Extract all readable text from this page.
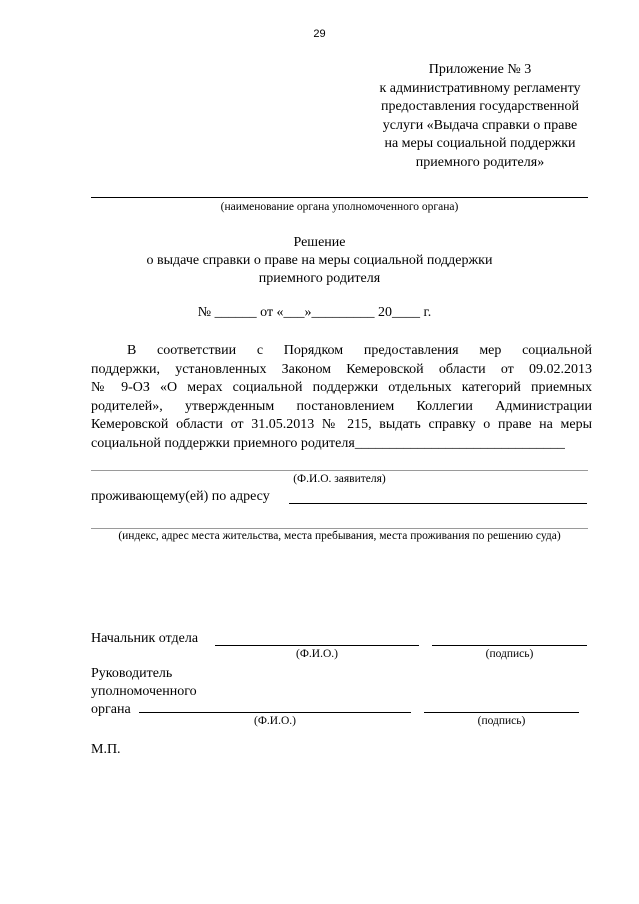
29
Приложение № 3
к административному регламенту
предоставления государственной
услуги «Выдача справки о праве
на меры социальной поддержки
приемного родителя»
(наименование органа уполномоченного органа)
Решение
о выдаче справки о праве на меры социальной поддержки
приемного родителя
№ ______ от «___»_________ 20____ г.
В соответствии с Порядком предоставления мер социальной
поддержки, установленных Законом Кемеровской области от 09.02.2013
№ 9-ОЗ «О мерах социальной поддержки отдельных категорий приемных
родителей», утвержденным постановлением Коллегии Администрации
Кемеровской области от 31.05.2013 № 215, выдать справку о праве на меры
социальной поддержки приемного родителя______________________________
(Ф.И.О. заявителя)
проживающему(ей) по адресу
(индекс, адрес места жительства, места пребывания, места проживания по решению суда)
Начальник отдела
(Ф.И.О.)	(подпись)
Руководитель
уполномоченного
органа
(Ф.И.О.)	(подпись)
М.П.
